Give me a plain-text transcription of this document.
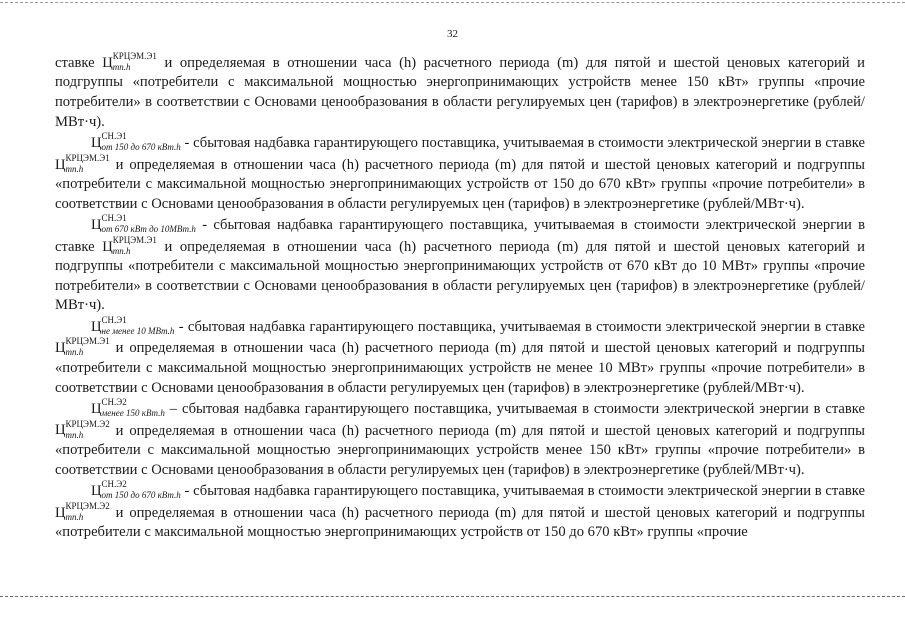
32

ставке Ц КРЦЭМ.Э1
тп.h	и определяемая в отношении часа (h) расчетного периода (m) для пятой и шестой ценовых категорий и подгруппы «потребители с максимальной мощностью энергопринимающих устройств менее 150 кВт» группы «прочие потребители» в соответствии с Основами ценообразования в области регулируемых цен (тарифов) в электроэнергетике (рублей/МВт·ч).

Ц СН.Э1
от 150 до 670 кВт.h - сбытовая надбавка гарантирующего поставщика, учитываемая в стоимости электрической энергии в ставке Ц КРЦЭМ.Э1
тп.h	и определяемая в отношении часа (h) расчетного периода (m) для пятой и шестой ценовых категорий и подгруппы «потребители с максимальной мощностью энергопринимающих устройств от 150 до 670 кВт» группы «прочие потребители» в соответствии с Основами ценообразования в области регулируемых цен (тарифов) в электроэнергетике (рублей/МВт·ч).

Ц СН.Э1
от 670 кВт до 10МВт.h - сбытовая надбавка гарантирующего поставщика, учитываемая в стоимости электрической энергии в ставке Ц КРЦЭМ.Э1
тп.h	и определяемая в отношении часа (h) расчетного периода (m) для пятой и шестой ценовых категорий и подгруппы «потребители с максимальной мощностью энергопринимающих устройств от 670 кВт до 10 МВт» группы «прочие потребители» в соответствии с Основами ценообразования в области регулируемых цен (тарифов) в электроэнергетике (рублей/МВт·ч).

Ц СН.Э1
не менее 10 МВт.h - сбытовая надбавка гарантирующего поставщика, учитываемая в стоимости электрической энергии в ставке Ц КРЦЭМ.Э1
тп.h	и определяемая в отношении часа (h) расчетного периода (m) для пятой и шестой ценовых категорий и подгруппы «потребители с максимальной мощностью энергопринимающих устройств не менее 10 МВт» группы «прочие потребители» в соответствии с Основами ценообразования в области регулируемых цен (тарифов) в электроэнергетике (рублей/МВт·ч).

Ц СН.Э2
менее 150 кВт.h – сбытовая надбавка гарантирующего поставщика, учитываемая в стоимости электрической энергии в ставке Ц КРЦЭМ.Э2
тп.h	и определяемая в отношении часа (h) расчетного периода (m) для пятой и шестой ценовых категорий и подгруппы «потребители с максимальной мощностью энергопринимающих устройств менее 150 кВт» группы «прочие потребители» в соответствии с Основами ценообразования в области регулируемых цен (тарифов) в электроэнергетике (рублей/МВт·ч).

Ц СН.Э2
от 150 до 670 кВт.h - сбытовая надбавка гарантирующего поставщика, учитываемая в стоимости электрической энергии в ставке Ц КРЦЭМ.Э2
тп.h	и определяемая в отношении часа (h) расчетного периода (m) для пятой и шестой ценовых категорий и подгруппы «потребители с максимальной мощностью энергопринимающих устройств от 150 до 670 кВт» группы «прочие
